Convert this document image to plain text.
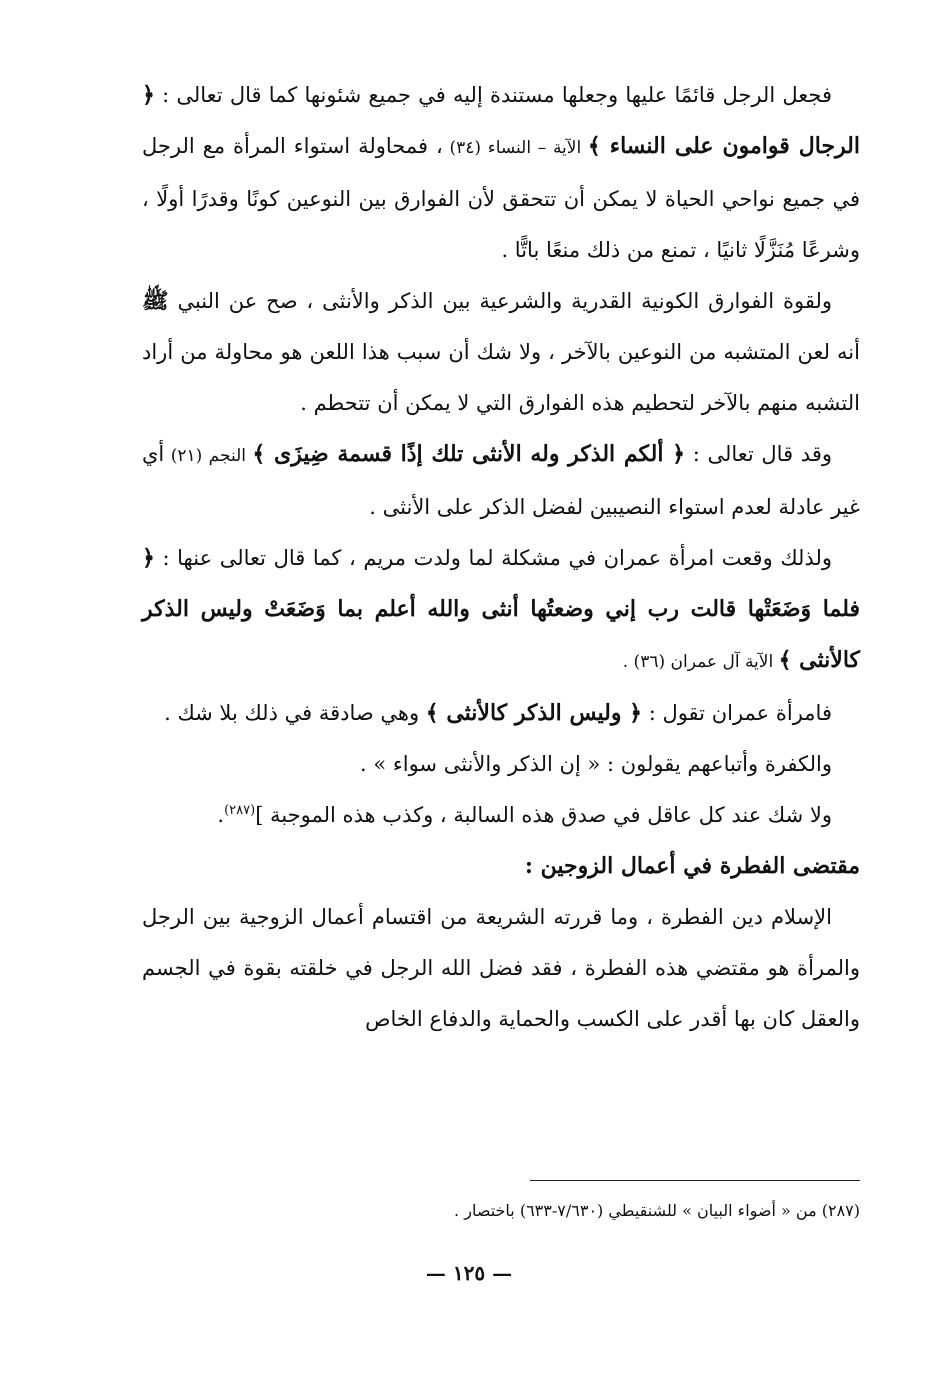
فجعل الرجل قائمًا عليها وجعلها مستندة إليه في جميع شئونها كما قال تعالى : ﴿ الرجال قوامون على النساء ﴾ الآية – النساء (٣٤) ، فمحاولة استواء المرأة مع الرجل في جميع نواحي الحياة لا يمكن أن تتحقق لأن الفوارق بين النوعين كونًا وقدرًا أولًا ، وشرعًا مُنَزَّلًا ثانيًا ، تمنع من ذلك منعًا باتًّا .

ولقوة الفوارق الكونية القدرية والشرعية بين الذكر والأنثى ، صح عن النبي ﷺ أنه لعن المتشبه من النوعين بالآخر ، ولا شك أن سبب هذا اللعن هو محاولة من أراد التشبه منهم بالآخر لتحطيم هذه الفوارق التي لا يمكن أن تتحطم .

وقد قال تعالى : ﴿ ألكم الذكر وله الأنثى تلك إذًا قسمة ضِيزَى ﴾ النجم (٢١) أي غير عادلة لعدم استواء النصيبين لفضل الذكر على الأنثى .

ولذلك وقعت امرأة عمران في مشكلة لما ولدت مريم ، كما قال تعالى عنها : ﴿ فلما وَضَعَتْها قالت رب إني وضعتُها أنثى والله أعلم بما وَضَعَتْ وليس الذكر كالأنثى ﴾ الآية آل عمران (٣٦) .

فامرأة عمران تقول : ﴿ وليس الذكر كالأنثى ﴾ وهي صادقة في ذلك بلا شك .

والكفرة وأتباعهم يقولون : « إن الذكر والأنثى سواء » .

ولا شك عند كل عاقل في صدق هذه السالبة ، وكذب هذه الموجبة ]$^{(٢٨٧)}$.

مقتضى الفطرة في أعمال الزوجين :

الإسلام دين الفطرة ، وما قررته الشريعة من اقتسام أعمال الزوجية بين الرجل والمرأة هو مقتضي هذه الفطرة ، فقد فضل الله الرجل في خلقته بقوة في الجسم والعقل كان بها أقدر على الكسب والحماية والدفاع الخاص

(٢٨٧) من « أضواء البيان » للشنقيطي (٧/٦٣٠-٦٣٣) باختصار .
— ١٢٥ —
